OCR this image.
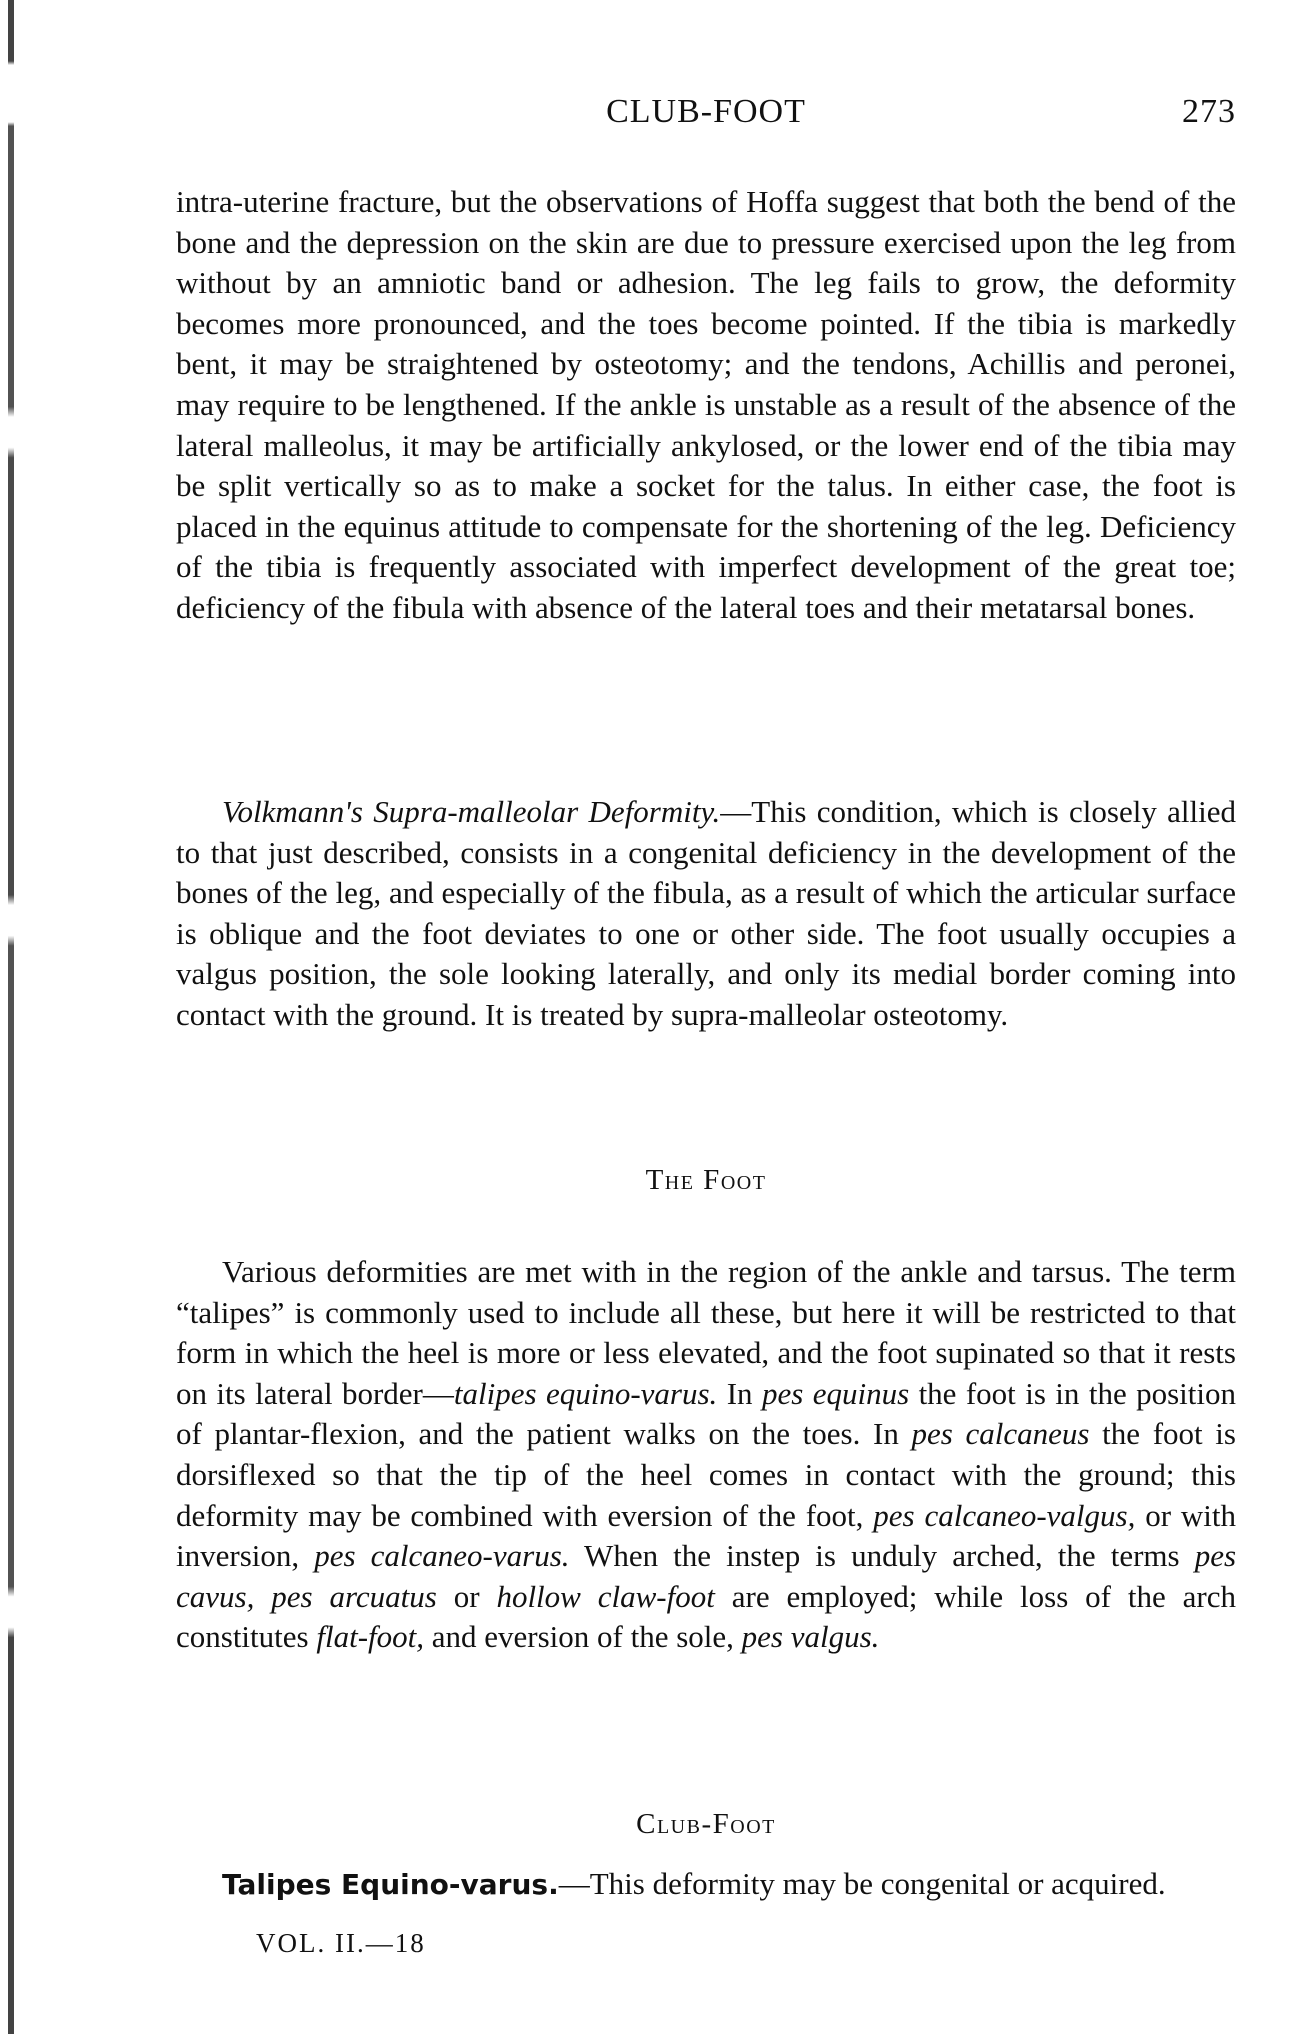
CLUB-FOOT	273

intra-uterine fracture, but the observations of Hoffa suggest that both the bend of the bone and the depression on the skin are due to pressure exercised upon the leg from without by an amniotic band or adhesion. The leg fails to grow, the deformity becomes more pronounced, and the toes become pointed. If the tibia is markedly bent, it may be straightened by osteotomy; and the tendons, Achillis and peronei, may require to be lengthened. If the ankle is unstable as a result of the absence of the lateral malleolus, it may be artificially ankylosed, or the lower end of the tibia may be split vertically so as to make a socket for the talus. In either case, the foot is placed in the equinus attitude to compensate for the shortening of the leg. Deficiency of the tibia is frequently associated with imperfect development of the great toe; deficiency of the fibula with absence of the lateral toes and their metatarsal bones.

Volkmann's Supra-malleolar Deformity.—This condition, which is closely allied to that just described, consists in a congenital deficiency in the development of the bones of the leg, and especially of the fibula, as a result of which the articular surface is oblique and the foot deviates to one or other side. The foot usually occupies a valgus position, the sole looking laterally, and only its medial border coming into contact with the ground. It is treated by supra-malleolar osteotomy.

The Foot

Various deformities are met with in the region of the ankle and tarsus. The term “talipes” is commonly used to include all these, but here it will be restricted to that form in which the heel is more or less elevated, and the foot supinated so that it rests on its lateral border—talipes equino-varus. In pes equinus the foot is in the position of plantar-flexion, and the patient walks on the toes. In pes calcaneus the foot is dorsiflexed so that the tip of the heel comes in contact with the ground; this deformity may be combined with eversion of the foot, pes calcaneo-valgus, or with inversion, pes calcaneo-varus. When the instep is unduly arched, the terms pes cavus, pes arcuatus or hollow claw-foot are employed; while loss of the arch constitutes flat-foot, and eversion of the sole, pes valgus.

Club-Foot

Talipes Equino-varus.—This deformity may be congenital or acquired.

VOL. II.—18
